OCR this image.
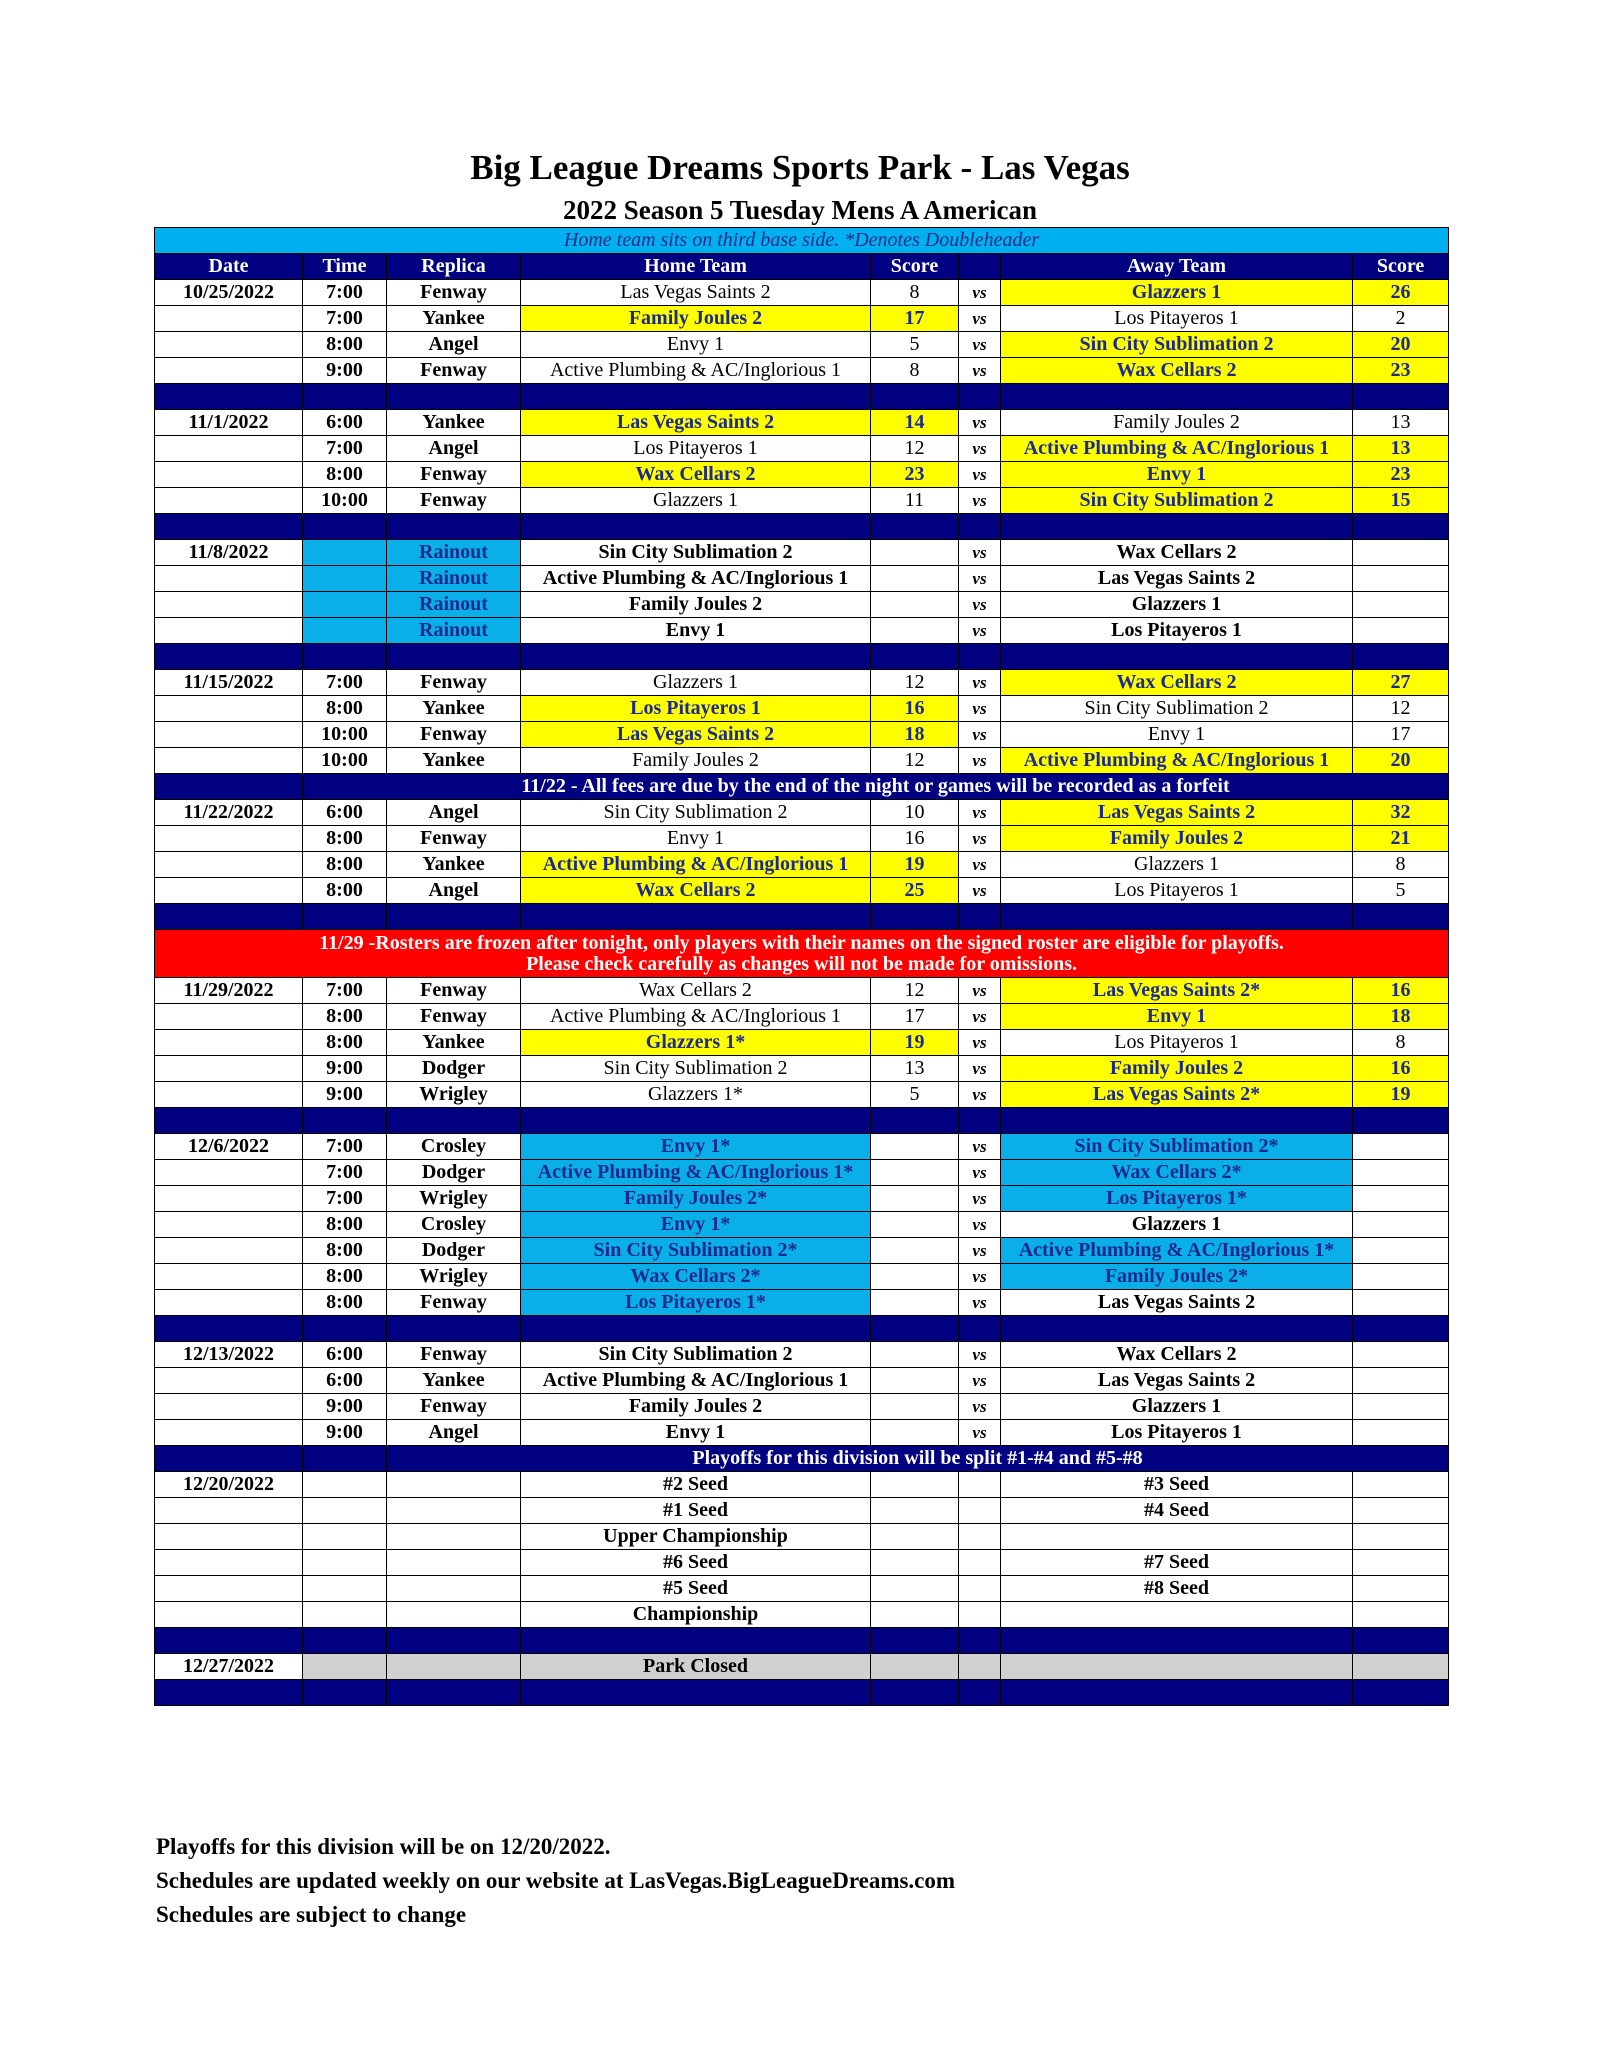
Big League Dreams Sports Park - Las Vegas
2022 Season 5 Tuesday Mens A American
Home team sits on third base side. *Denotes Doubleheader							
Date	Time	Replica	Home Team	Score		Away Team	Score
10/25/2022	7:00	Fenway	Las Vegas Saints 2	8	vs	Glazzers 1	26
	7:00	Yankee	Family Joules 2	17	vs	Los Pitayeros 1	2
	8:00	Angel	Envy 1	5	vs	Sin City Sublimation 2	20
	9:00	Fenway	Active Plumbing & AC/Inglorious 1	8	vs	Wax Cellars 2	23

11/1/2022	6:00	Yankee	Las Vegas Saints 2	14	vs	Family Joules 2	13
	7:00	Angel	Los Pitayeros 1	12	vs	Active Plumbing & AC/Inglorious 1	13
	8:00	Fenway	Wax Cellars 2	23	vs	Envy 1	23
	10:00	Fenway	Glazzers 1	11	vs	Sin City Sublimation 2	15

11/8/2022		Rainout	Sin City Sublimation 2		vs	Wax Cellars 2	
		Rainout	Active Plumbing & AC/Inglorious 1		vs	Las Vegas Saints 2	
		Rainout	Family Joules 2		vs	Glazzers 1	
		Rainout	Envy 1		vs	Los Pitayeros 1	

11/15/2022	7:00	Fenway	Glazzers 1	12	vs	Wax Cellars 2	27
	8:00	Yankee	Los Pitayeros 1	16	vs	Sin City Sublimation 2	12
	10:00	Fenway	Las Vegas Saints 2	18	vs	Envy 1	17
	10:00	Yankee	Family Joules 2	12	vs	Active Plumbing & AC/Inglorious 1	20
	11/22 - All fees are due by the end of the night or games will be recorded as a forfeit						
11/22/2022	6:00	Angel	Sin City Sublimation 2	10	vs	Las Vegas Saints 2	32
	8:00	Fenway	Envy 1	16	vs	Family Joules 2	21
	8:00	Yankee	Active Plumbing & AC/Inglorious 1	19	vs	Glazzers 1	8
	8:00	Angel	Wax Cellars 2	25	vs	Los Pitayeros 1	5

11/29 -Rosters are frozen after tonight, only players with their names on the signed roster are eligible for playoffs.
Please check carefully as changes will not be made for omissions.							

11/29/2022	7:00	Fenway	Wax Cellars 2	12	vs	Las Vegas Saints 2*	16
	8:00	Fenway	Active Plumbing & AC/Inglorious 1	17	vs	Envy 1	18
	8:00	Yankee	Glazzers 1*	19	vs	Los Pitayeros 1	8
	9:00	Dodger	Sin City Sublimation 2	13	vs	Family Joules 2	16
	9:00	Wrigley	Glazzers 1*	5	vs	Las Vegas Saints 2*	19

12/6/2022	7:00	Crosley	Envy 1*		vs	Sin City Sublimation 2*	
	7:00	Dodger	Active Plumbing & AC/Inglorious 1*		vs	Wax Cellars 2*	
	7:00	Wrigley	Family Joules 2*		vs	Los Pitayeros 1*	
	8:00	Crosley	Envy 1*		vs	Glazzers 1	
	8:00	Dodger	Sin City Sublimation 2*		vs	Active Plumbing & AC/Inglorious 1*	
	8:00	Wrigley	Wax Cellars 2*		vs	Family Joules 2*	
	8:00	Fenway	Los Pitayeros 1*		vs	Las Vegas Saints 2	

12/13/2022	6:00	Fenway	Sin City Sublimation 2		vs	Wax Cellars 2	
	6:00	Yankee	Active Plumbing & AC/Inglorious 1		vs	Las Vegas Saints 2	
	9:00	Fenway	Family Joules 2		vs	Glazzers 1	
	9:00	Angel	Envy 1		vs	Los Pitayeros 1	
		Playoffs for this division will be split #1-#4 and #5-#8					
12/20/2022			#2 Seed			#3 Seed	
			#1 Seed			#4 Seed	
			Upper Championship				
			#6 Seed			#7 Seed	
			#5 Seed			#8 Seed	
			Championship				

12/27/2022			Park Closed				

Playoffs for this division will be on 12/20/2022.
Schedules are updated weekly on our website at LasVegas.BigLeagueDreams.com
Schedules are subject to change
